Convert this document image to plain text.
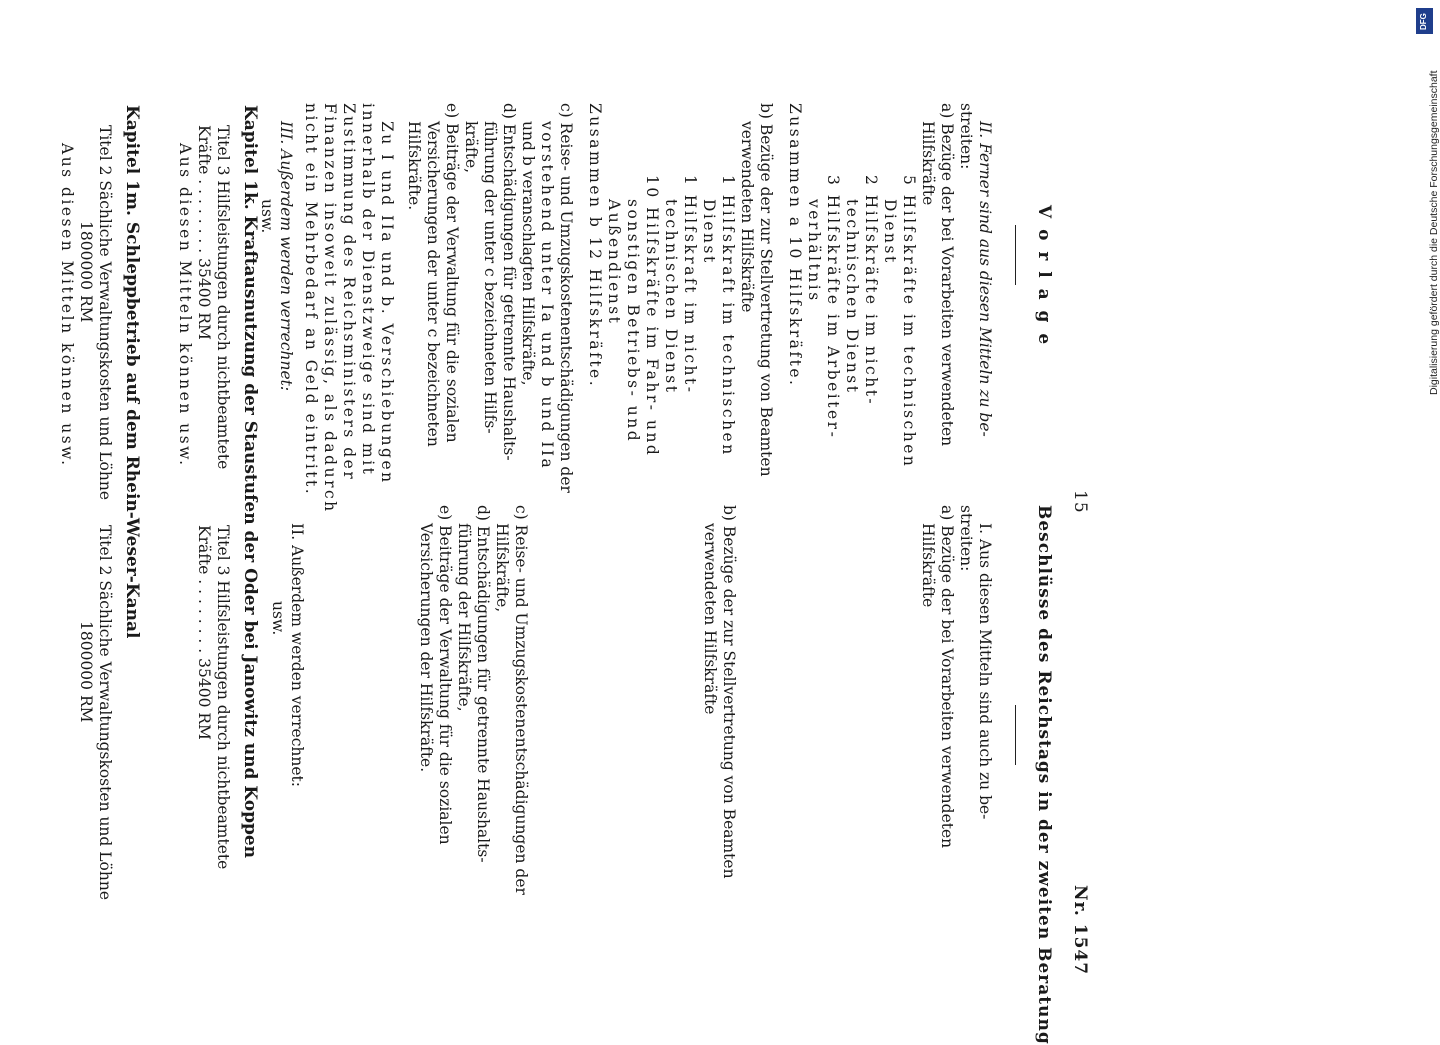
15
Nr. 1547
V o r l a g e
Beschlüsse des Reichstags in der zweiten Beratung
II. Ferner sind aus diesen Mitteln zu be-
streiten:
a) Bezüge der bei Vorarbeiten verwendeten
Hilfskräfte
5 Hilfskräfte im technischen
Dienst
2 Hilfskräfte im nicht-
technischen Dienst
3 Hilfskräfte im Arbeiter-
verhältnis
Zusammen a 10 Hilfskräfte.
b) Bezüge der zur Stellvertretung von Beamten
verwendeten Hilfskräfte
1 Hilfskraft im technischen
Dienst
1 Hilfskraft im nicht-
technischen Dienst
10 Hilfskräfte im Fahr- und
sonstigen Betriebs- und
Außendienst
Zusammen b 12 Hilfskräfte.
c) Reise- und Umzugskostenentschädigungen der
vorstehend unter Ia und b und IIa
und b veranschlagten Hilfskräfte,
d) Entschädigungen für getrennte Haushalts-
führung der unter c bezeichneten Hilfs-
kräfte,
e) Beiträge der Verwaltung für die sozialen
Versicherungen der unter c bezeichneten
Hilfskräfte.
Zu I und IIa und b. Verschiebungen
innerhalb der Dienstzweige sind mit
Zustimmung des Reichsministers der
Finanzen insoweit zulässig, als dadurch
nicht ein Mehrbedarf an Geld eintritt.
III. Außerdem werden verrechnet:
usw.
I. Aus diesen Mitteln sind auch zu be-
streiten:
a) Bezüge der bei Vorarbeiten verwendeten
Hilfskräfte
b) Bezüge der zur Stellvertretung von Beamten
verwendeten Hilfskräfte
c) Reise- und Umzugskostenentschädigungen der
Hilfskräfte,
d) Entschädigungen für getrennte Haushalts-
führung der Hilfskräfte,
e) Beiträge der Verwaltung für die sozialen
Versicherungen der Hilfskräfte.
II. Außerdem werden verrechnet:
usw.
Kapitel 1k. Kraftausnutzung der Staustufen der Oder bei Janowitz und Koppen
Titel 3 Hilfsleistungen durch nichtbeamtete
Kräfte . . . . . . . . 35400 RM
Aus diesen Mitteln können usw.
Titel 3 Hilfsleistungen durch nichtbeamtete
Kräfte . . . . . . . . 35400 RM
Kapitel 1m. Schleppbetrieb auf dem Rhein-Weser-Kanal
Titel 2 Sächliche Verwaltungskosten und Löhne
1800000 RM
Aus diesen Mitteln können usw.
Titel 2 Sächliche Verwaltungskosten und Löhne
1800000 RM
DFG
Digitalisierung gefördert durch die Deutsche Forschungsgemeinschaft
